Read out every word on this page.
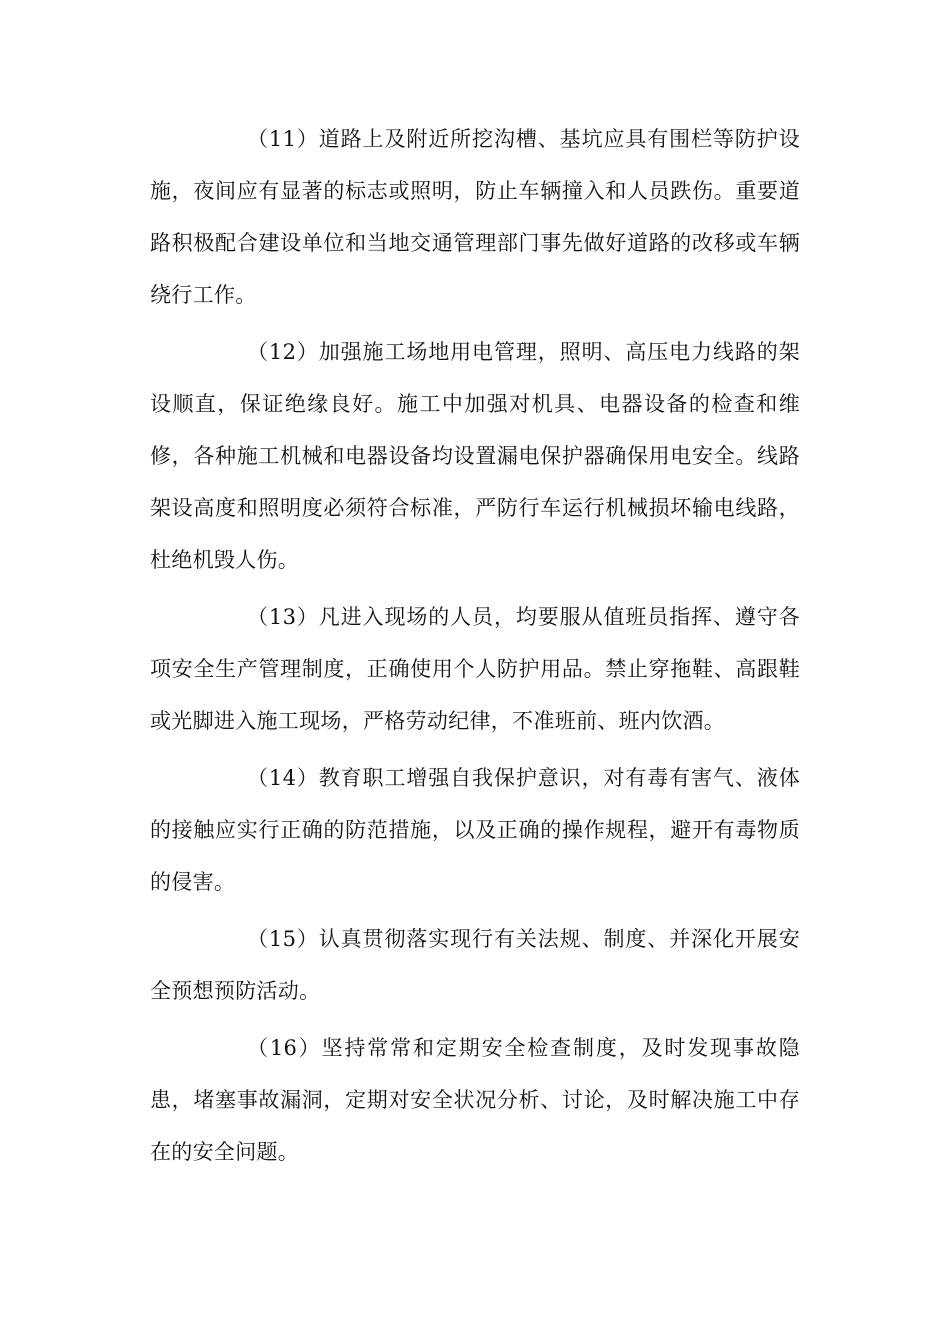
（11）道路上及附近所挖沟槽、基坑应具有围栏等防护设施，夜间应有显著的标志或照明，防止车辆撞入和人员跌伤。重要道路积极配合建设单位和当地交通管理部门事先做好道路的改移或车辆绕行工作。

（12）加强施工场地用电管理，照明、高压电力线路的架设顺直，保证绝缘良好。施工中加强对机具、电器设备的检查和维修，各种施工机械和电器设备均设置漏电保护器确保用电安全。线路架设高度和照明度必须符合标准，严防行车运行机械损坏输电线路，杜绝机毁人伤。

（13）凡进入现场的人员，均要服从值班员指挥、遵守各项安全生产管理制度，正确使用个人防护用品。禁止穿拖鞋、高跟鞋或光脚进入施工现场，严格劳动纪律，不准班前、班内饮酒。

（14）教育职工增强自我保护意识，对有毒有害气、液体的接触应实行正确的防范措施，以及正确的操作规程，避开有毒物质的侵害。

（15）认真贯彻落实现行有关法规、制度、并深化开展安全预想预防活动。

（16）坚持常常和定期安全检查制度，及时发现事故隐患，堵塞事故漏洞，定期对安全状况分析、讨论，及时解决施工中存在的安全问题。
